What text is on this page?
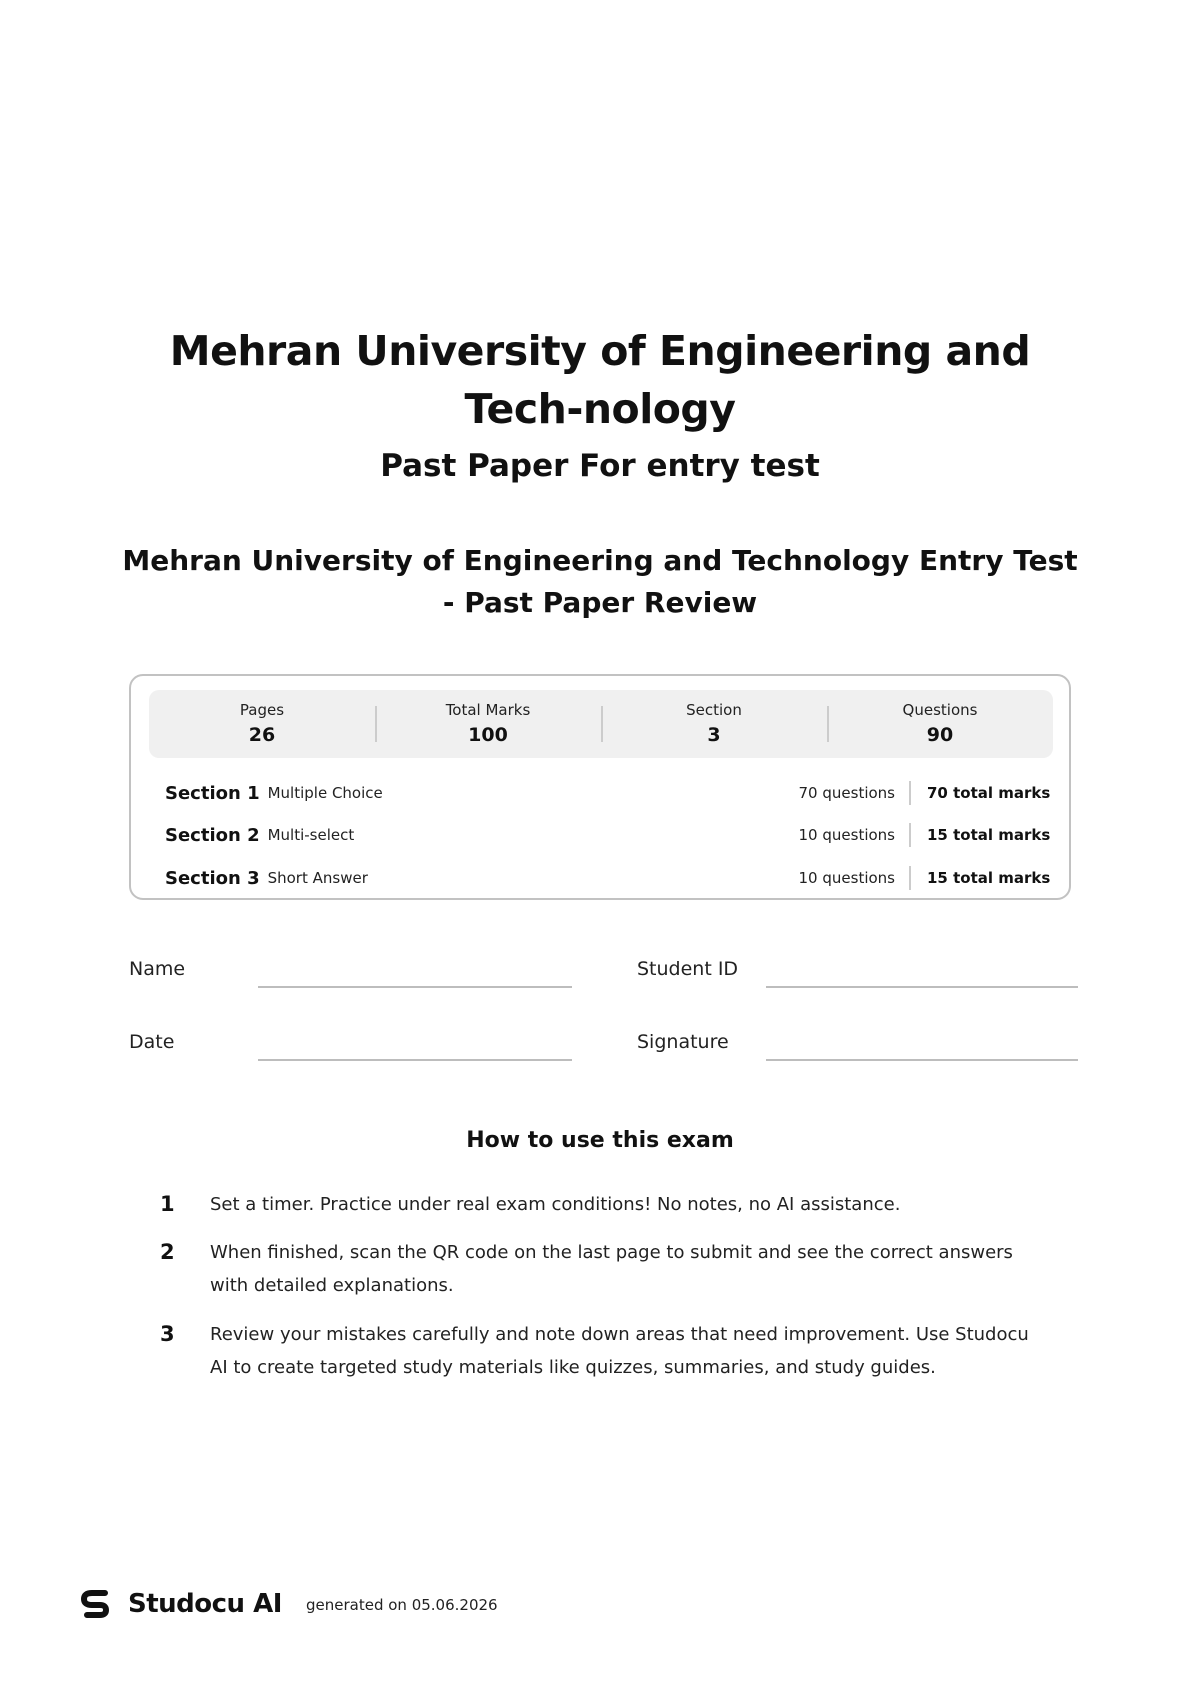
Mehran University of Engineering and Tech-nology
Past Paper For entry test
Mehran University of Engineering and Technology Entry Test - Past Paper Review
Pages
26
Total Marks
100
Section
3
Questions
90
Section 1 Multiple Choice	70 questions	70 total marks
Section 2 Multi-select	10 questions	15 total marks
Section 3 Short Answer	10 questions	15 total marks
Name	Student ID
Date	Signature
How to use this exam
1 Set a timer. Practice under real exam conditions! No notes, no AI assistance.
2 When finished, scan the QR code on the last page to submit and see the correct answers with detailed explanations.
3 Review your mistakes carefully and note down areas that need improvement. Use Studocu AI to create targeted study materials like quizzes, summaries, and study guides.
Studocu AI generated on 05.06.2026
